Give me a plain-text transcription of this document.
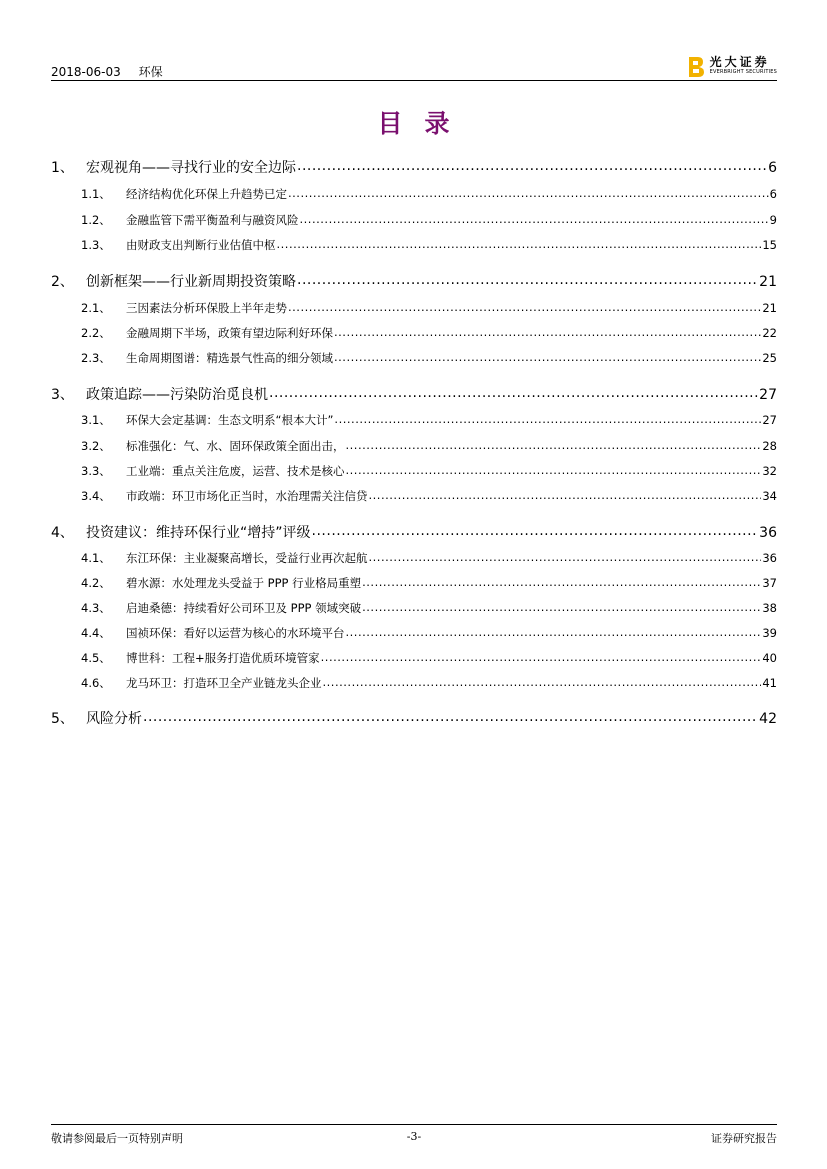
2018-06-03 环保
光大证券
EVERBRIGHT SECURITIES
目录
1、 宏观视角——寻找行业的安全边际 .....	6
1.1、	经济结构优化环保上升趋势已定 .....	6
1.2、	金融监管下需平衡盈利与融资风险 .....	9
1.3、	由财政支出判断行业估值中枢 .....	15
2、 创新框架——行业新周期投资策略 .....	21
2.1、	三因素法分析环保股上半年走势 .....	21
2.2、	金融周期下半场，政策有望边际利好环保 .....	22
2.3、	生命周期图谱：精选景气性高的细分领域 .....	25
3、 政策追踪——污染防治觅良机 .....	27
3.1、	环保大会定基调：生态文明系“根本大计” .....	27
3.2、	标准强化：气、水、固环保政策全面出击， .....	28
3.3、	工业端：重点关注危废，运营、技术是核心 .....	32
3.4、	市政端：环卫市场化正当时，水治理需关注信贷 .....	34
4、 投资建议：维持环保行业“增持”评级 .....	36
4.1、	东江环保：主业凝聚高增长，受益行业再次起航 .....	36
4.2、	碧水源：水处理龙头受益于 PPP 行业格局重塑 .....	37
4.3、	启迪桑德：持续看好公司环卫及 PPP 领域突破 .....	38
4.4、	国祯环保：看好以运营为核心的水环境平台 .....	39
4.5、	博世科：工程+服务打造优质环境管家 .....	40
4.6、	龙马环卫：打造环卫全产业链龙头企业 .....	41
5、 风险分析 .....	42
敬请参阅最后一页特别声明	-3-	证券研究报告
